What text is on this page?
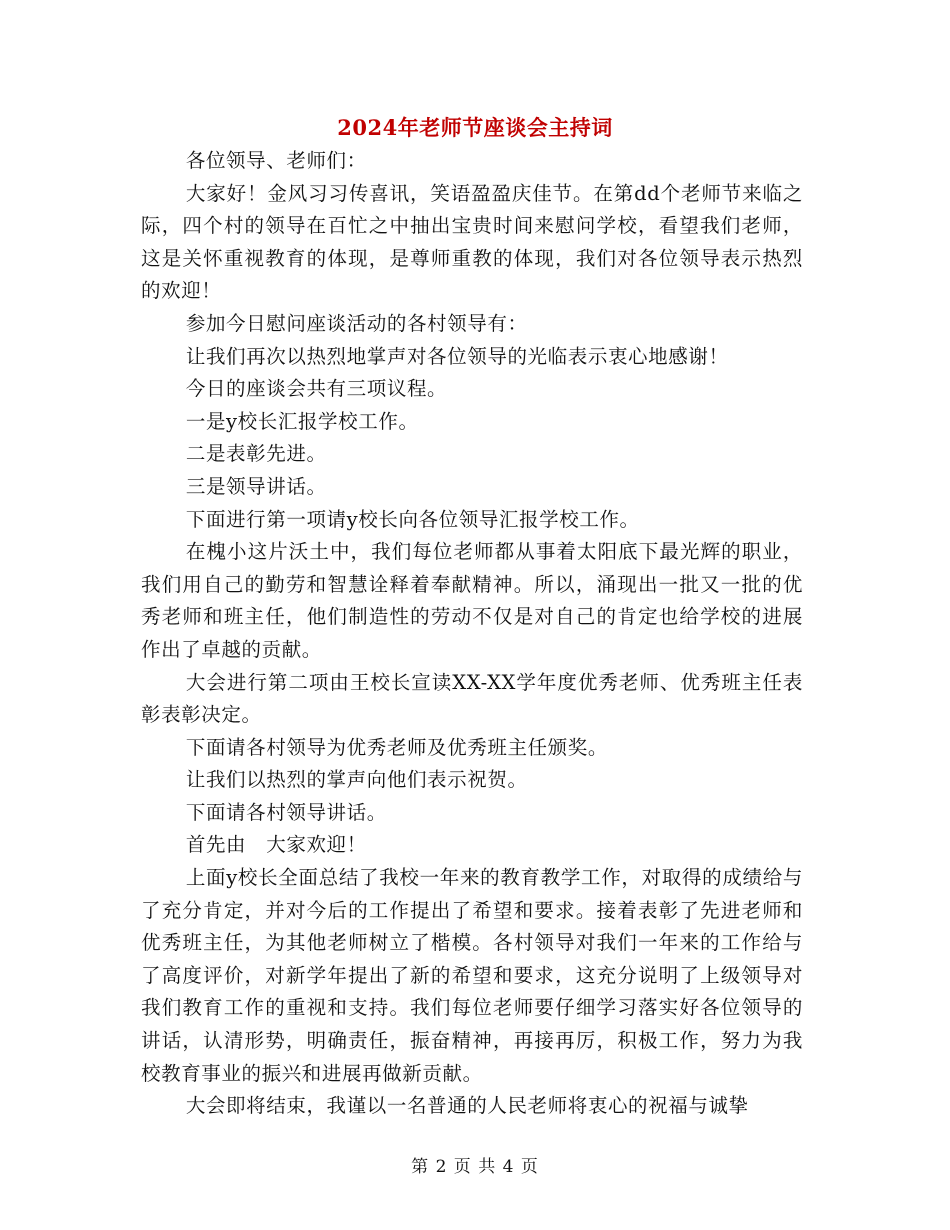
2024年老师节座谈会主持词

各位领导、老师们：

大家好！金风习习传喜讯，笑语盈盈庆佳节。在第dd个老师节来临之际，四个村的领导在百忙之中抽出宝贵时间来慰问学校，看望我们老师，这是关怀重视教育的体现，是尊师重教的体现，我们对各位领导表示热烈的欢迎！

参加今日慰问座谈活动的各村领导有：

让我们再次以热烈地掌声对各位领导的光临表示衷心地感谢！

今日的座谈会共有三项议程。

一是y校长汇报学校工作。

二是表彰先进。

三是领导讲话。

下面进行第一项请y校长向各位领导汇报学校工作。

在槐小这片沃土中，我们每位老师都从事着太阳底下最光辉的职业，我们用自己的勤劳和智慧诠释着奉献精神。所以，涌现出一批又一批的优秀老师和班主任，他们制造性的劳动不仅是对自己的肯定也给学校的进展作出了卓越的贡献。

大会进行第二项由王校长宣读XX-XX学年度优秀老师、优秀班主任表彰表彰决定。

下面请各村领导为优秀老师及优秀班主任颁奖。

让我们以热烈的掌声向他们表示祝贺。

下面请各村领导讲话。

首先由　大家欢迎！

上面y校长全面总结了我校一年来的教育教学工作，对取得的成绩给与了充分肯定，并对今后的工作提出了希望和要求。接着表彰了先进老师和优秀班主任，为其他老师树立了楷模。各村领导对我们一年来的工作给与了高度评价，对新学年提出了新的希望和要求，这充分说明了上级领导对我们教育工作的重视和支持。我们每位老师要仔细学习落实好各位领导的讲话，认清形势，明确责任，振奋精神，再接再厉，积极工作，努力为我校教育事业的振兴和进展再做新贡献。

大会即将结束，我谨以一名普通的人民老师将衷心的祝福与诚挚

第 2 页 共 4 页
